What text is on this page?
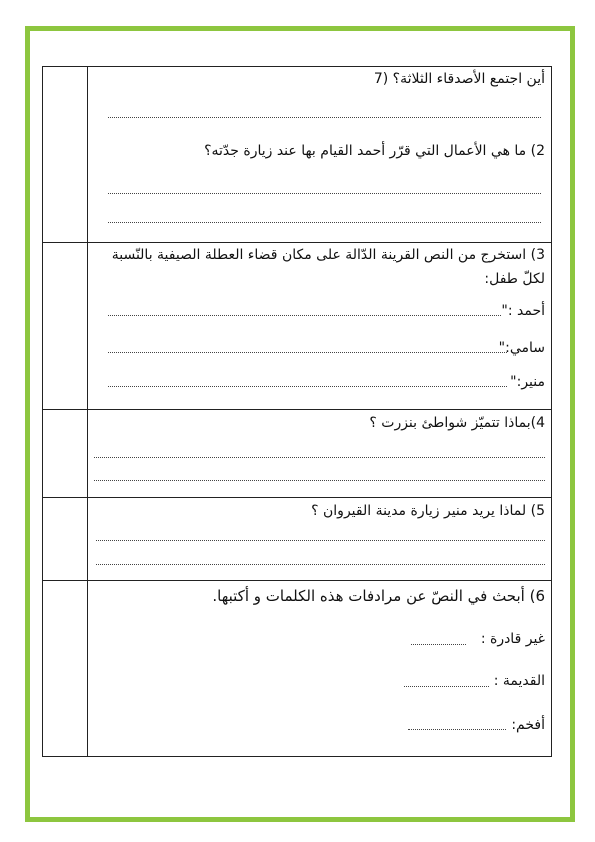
	أين اجتمع الأصدقاء الثلاثة؟ (7
2) ما هي الأعمال التي قرّر أحمد القيام بها عند زيارة جدّته؟

	3) استخرج من النص القرينة الدّالة على مكان قضاء العطلة الصيفية بالنّسبة
لكلّ طفل:
أحمد :"
سامي:"
منير:"

	4)بماذا تتميّز شواطئ بنزرت ؟

	5) لماذا يريد منير زيارة مدينة القيروان ؟

	6) أبحث في النصّ عن مرادفات هذه الكلمات و أكتبها.
غير قادرة :
القديمة :
أفخم:
